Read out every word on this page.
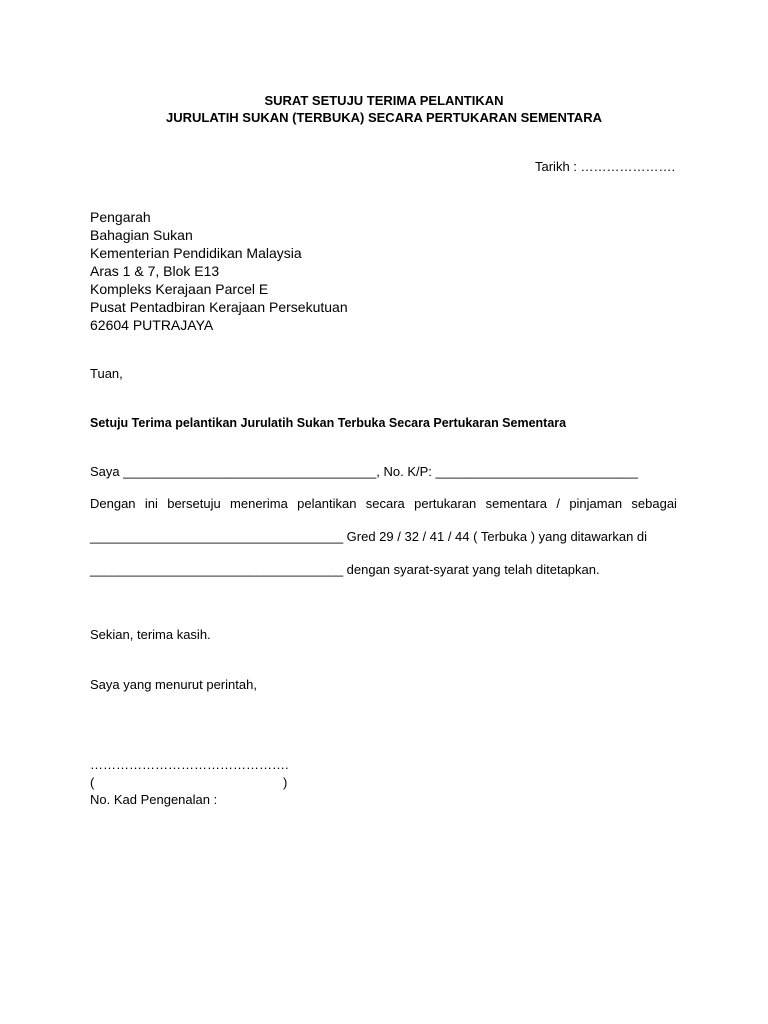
SURAT SETUJU TERIMA PELANTIKAN
JURULATIH SUKAN (TERBUKA) SECARA PERTUKARAN SEMENTARA
Tarikh : ………………….
Pengarah
Bahagian Sukan
Kementerian Pendidikan Malaysia
Aras 1 & 7, Blok E13
Kompleks Kerajaan Parcel E
Pusat Pentadbiran Kerajaan Persekutuan
62604 PUTRAJAYA
Tuan,
Setuju Terima pelantikan Jurulatih Sukan Terbuka Secara Pertukaran Sementara
Saya ___________________________________, No. K/P: ____________________________
Dengan ini bersetuju menerima pelantikan secara pertukaran sementara / pinjaman sebagai
___________________________________ Gred 29 / 32 / 41 / 44 ( Terbuka ) yang ditawarkan di
___________________________________ dengan syarat-syarat yang telah ditetapkan.
Sekian, terima kasih.
Saya yang menurut perintah,
……………………………………….
(	)
No. Kad Pengenalan :
